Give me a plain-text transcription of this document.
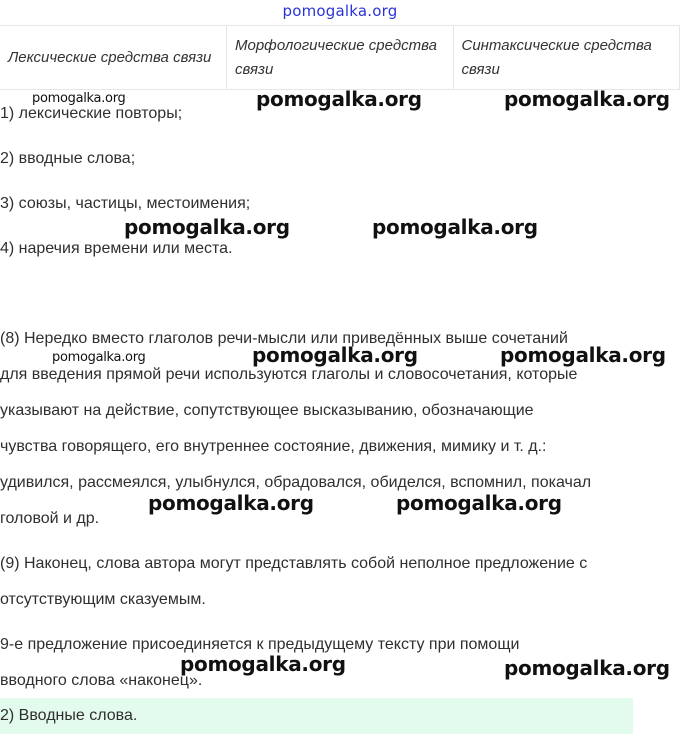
pomogalka.org
Лексические средства связи	Морфологические средства связи	Синтаксические средства связи
1) лексические повторы;
2) вводные слова;
3) союзы, частицы, местоимения;
4) наречия времени или места.
(8) Нередко вместо глаголов речи-мысли или приведённых выше сочетаний
для введения прямой речи используются глаголы и словосочетания, которые
указывают на действие, сопутствующее высказыванию, обозначающие
чувства говорящего, его внутреннее состояние, движения, мимику и т. д.:
удивился, рассмеялся, улыбнулся, обрадовался, обиделся, вспомнил, покачал
головой и др.
(9) Наконец, слова автора могут представлять собой неполное предложение с
отсутствующим сказуемым.
9-е предложение присоединяется к предыдущему тексту при помощи
вводного слова «наконец».
2) Вводные слова.
pomogalka.org	pomogalka.org	pomogalka.org
pomogalka.org	pomogalka.org
pomogalka.org	pomogalka.org	pomogalka.org
pomogalka.org	pomogalka.org
pomogalka.org	pomogalka.org
